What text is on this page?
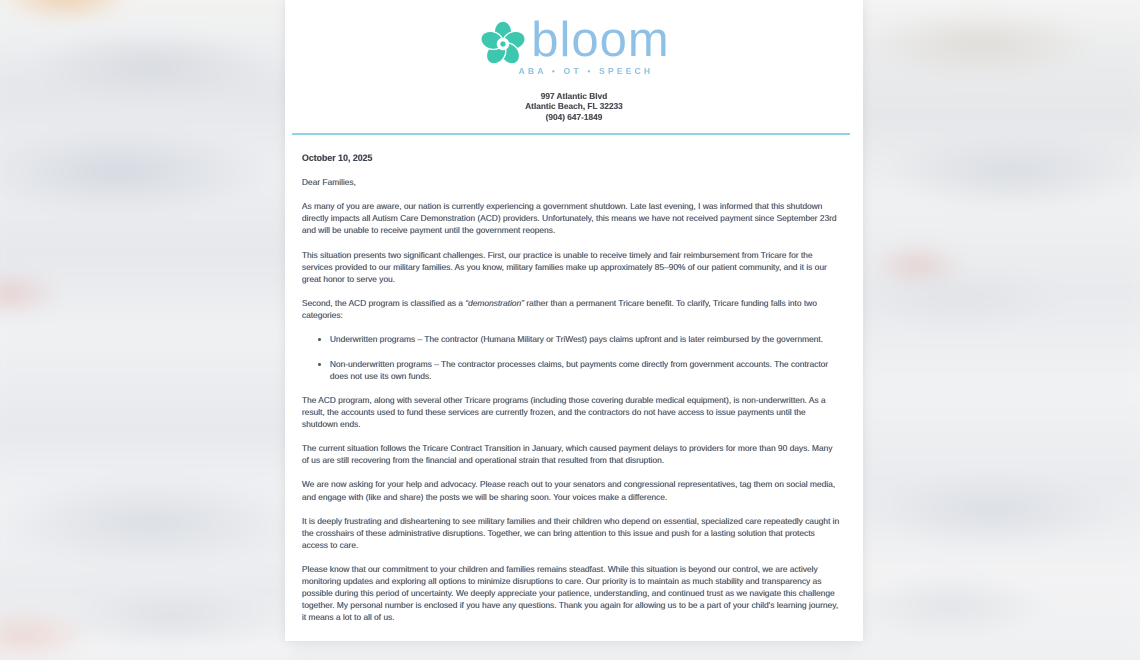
bloom
ABA • OT • SPEECH
997 Atlantic Blvd
Atlantic Beach, FL 32233
(904) 647-1849
October 10, 2025

Dear Families,

As many of you are aware, our nation is currently experiencing a government shutdown. Late last evening, I was informed that this shutdown directly impacts all Autism Care Demonstration (ACD) providers. Unfortunately, this means we have not received payment since September 23rd and will be unable to receive payment until the government reopens.

This situation presents two significant challenges. First, our practice is unable to receive timely and fair reimbursement from Tricare for the services provided to our military families. As you know, military families make up approximately 85–90% of our patient community, and it is our great honor to serve you.

Second, the ACD program is classified as a “demonstration” rather than a permanent Tricare benefit. To clarify, Tricare funding falls into two categories:

• Underwritten programs – The contractor (Humana Military or TriWest) pays claims upfront and is later reimbursed by the government.
• Non-underwritten programs – The contractor processes claims, but payments come directly from government accounts. The contractor does not use its own funds.

The ACD program, along with several other Tricare programs (including those covering durable medical equipment), is non-underwritten. As a result, the accounts used to fund these services are currently frozen, and the contractors do not have access to issue payments until the shutdown ends.

The current situation follows the Tricare Contract Transition in January, which caused payment delays to providers for more than 90 days. Many of us are still recovering from the financial and operational strain that resulted from that disruption.

We are now asking for your help and advocacy. Please reach out to your senators and congressional representatives, tag them on social media, and engage with (like and share) the posts we will be sharing soon. Your voices make a difference.

It is deeply frustrating and disheartening to see military families and their children who depend on essential, specialized care repeatedly caught in the crosshairs of these administrative disruptions. Together, we can bring attention to this issue and push for a lasting solution that protects access to care.

Please know that our commitment to your children and families remains steadfast. While this situation is beyond our control, we are actively monitoring updates and exploring all options to minimize disruptions to care. Our priority is to maintain as much stability and transparency as possible during this period of uncertainty. We deeply appreciate your patience, understanding, and continued trust as we navigate this challenge together. My personal number is enclosed if you have any questions. Thank you again for allowing us to be a part of your child's learning journey, it means a lot to all of us.
